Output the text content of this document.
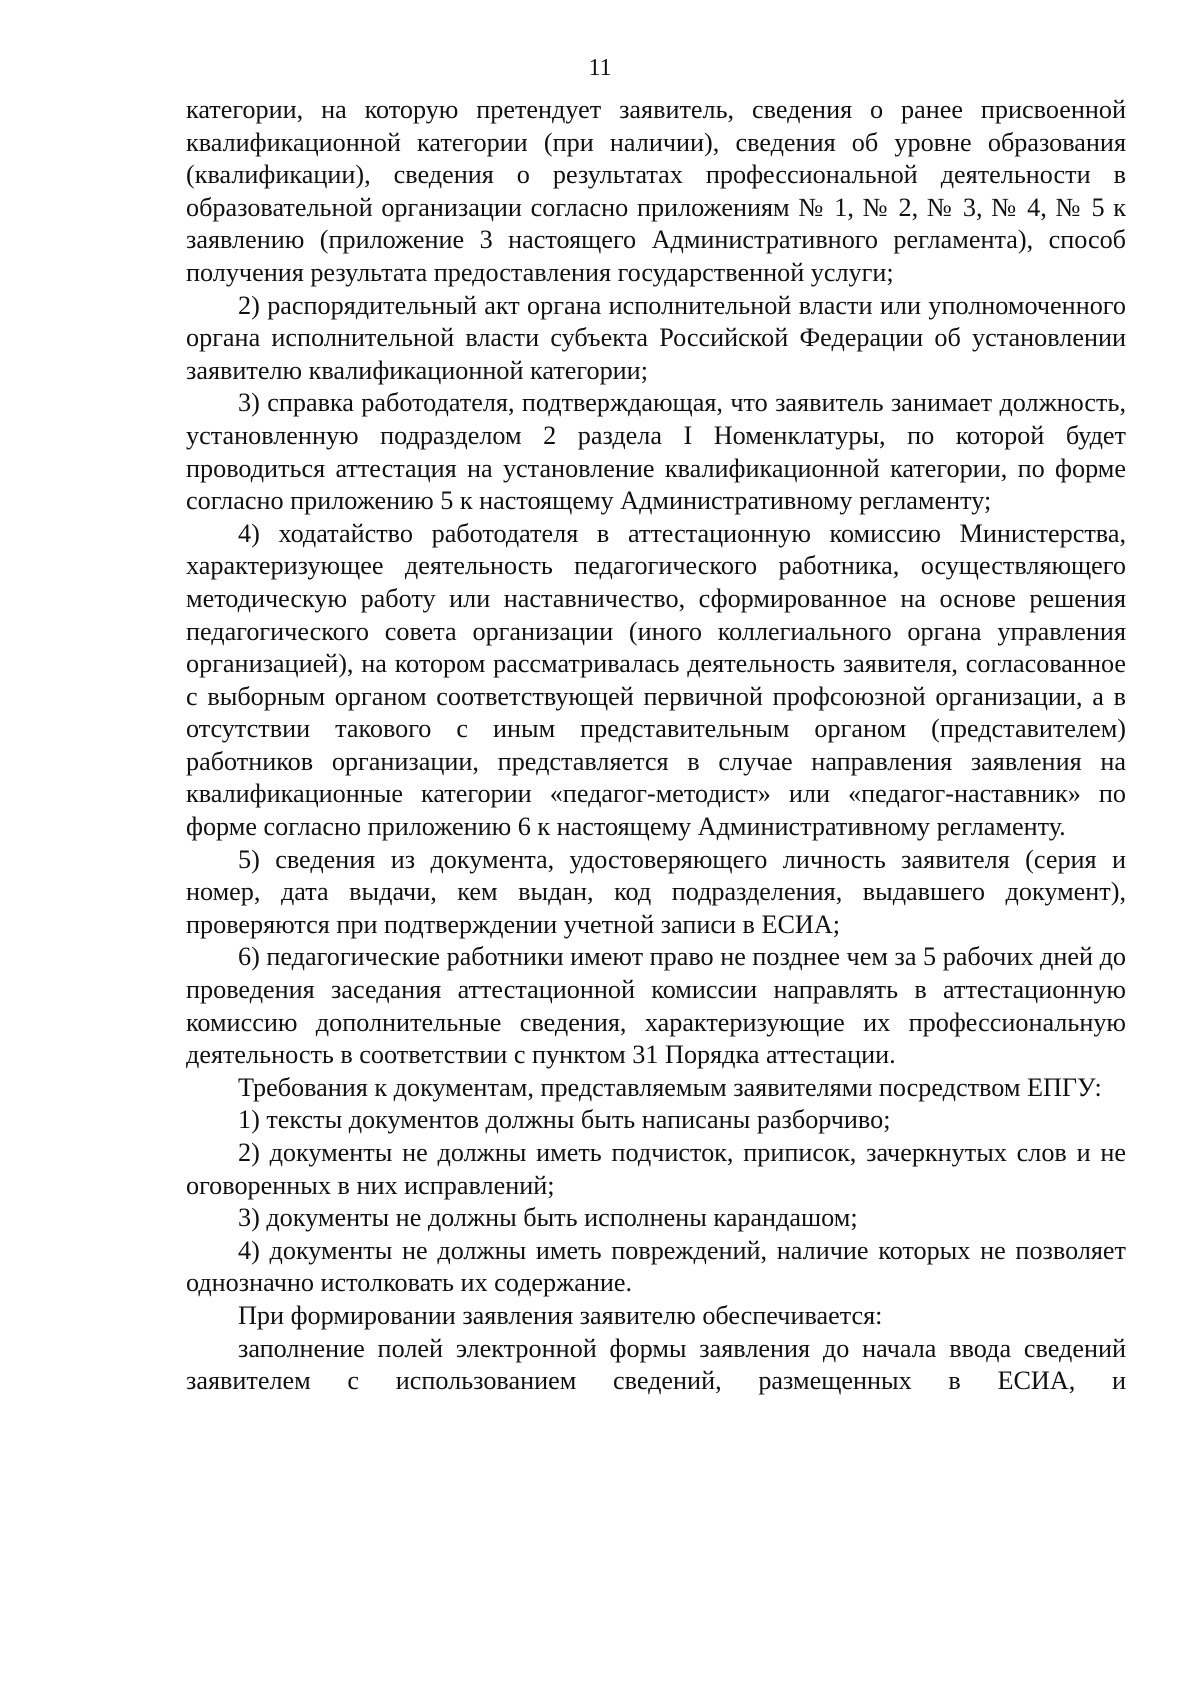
11

категории, на которую претендует заявитель, сведения о ранее присвоенной квалификационной категории (при наличии), сведения об уровне образования (квалификации), сведения о результатах профессиональной деятельности в образовательной организации согласно приложениям № 1, № 2, № 3, № 4, № 5 к заявлению (приложение 3 настоящего Административного регламента), способ получения результата предоставления государственной услуги;

2) распорядительный акт органа исполнительной власти или уполномоченного органа исполнительной власти субъекта Российской Федерации об установлении заявителю квалификационной категории;

3) справка работодателя, подтверждающая, что заявитель занимает должность, установленную подразделом 2 раздела I Номенклатуры, по которой будет проводиться аттестация на установление квалификационной категории, по форме согласно приложению 5 к настоящему Административному регламенту;

4) ходатайство работодателя в аттестационную комиссию Министерства, характеризующее деятельность педагогического работника, осуществляющего методическую работу или наставничество, сформированное на основе решения педагогического совета организации (иного коллегиального органа управления организацией), на котором рассматривалась деятельность заявителя, согласованное с выборным органом соответствующей первичной профсоюзной организации, а в отсутствии такового с иным представительным органом (представителем) работников организации, представляется в случае направления заявления на квалификационные категории «педагог-методист» или «педагог-наставник» по форме согласно приложению 6 к настоящему Административному регламенту.

5) сведения из документа, удостоверяющего личность заявителя (серия и номер, дата выдачи, кем выдан, код подразделения, выдавшего документ), проверяются при подтверждении учетной записи в ЕСИА;

6) педагогические работники имеют право не позднее чем за 5 рабочих дней до проведения заседания аттестационной комиссии направлять в аттестационную комиссию дополнительные сведения, характеризующие их профессиональную деятельность в соответствии с пунктом 31 Порядка аттестации.

Требования к документам, представляемым заявителями посредством ЕПГУ:

1) тексты документов должны быть написаны разборчиво;

2) документы не должны иметь подчисток, приписок, зачеркнутых слов и не оговоренных в них исправлений;

3) документы не должны быть исполнены карандашом;

4) документы не должны иметь повреждений, наличие которых не позволяет однозначно истолковать их содержание.

При формировании заявления заявителю обеспечивается:

заполнение полей электронной формы заявления до начала ввода сведений заявителем с использованием сведений, размещенных в ЕСИА, и
